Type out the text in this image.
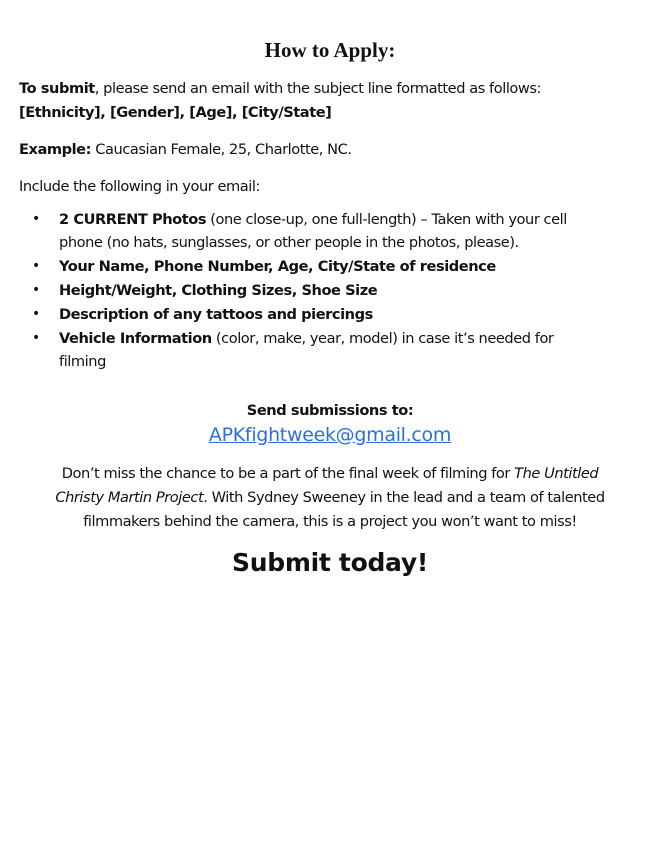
How to Apply:
To submit, please send an email with the subject line formatted as follows:
[Ethnicity], [Gender], [Age], [City/State]
Example: Caucasian Female, 25, Charlotte, NC.
Include the following in your email:
• 2 CURRENT Photos (one close-up, one full-length) – Taken with your cell
phone (no hats, sunglasses, or other people in the photos, please).
• Your Name, Phone Number, Age, City/State of residence
• Height/Weight, Clothing Sizes, Shoe Size
• Description of any tattoos and piercings
• Vehicle Information (color, make, year, model) in case it’s needed for
filming
Send submissions to:
APKfightweek@gmail.com
Don’t miss the chance to be a part of the final week of filming for The Untitled
Christy Martin Project. With Sydney Sweeney in the lead and a team of talented
filmmakers behind the camera, this is a project you won’t want to miss!
Submit today!
